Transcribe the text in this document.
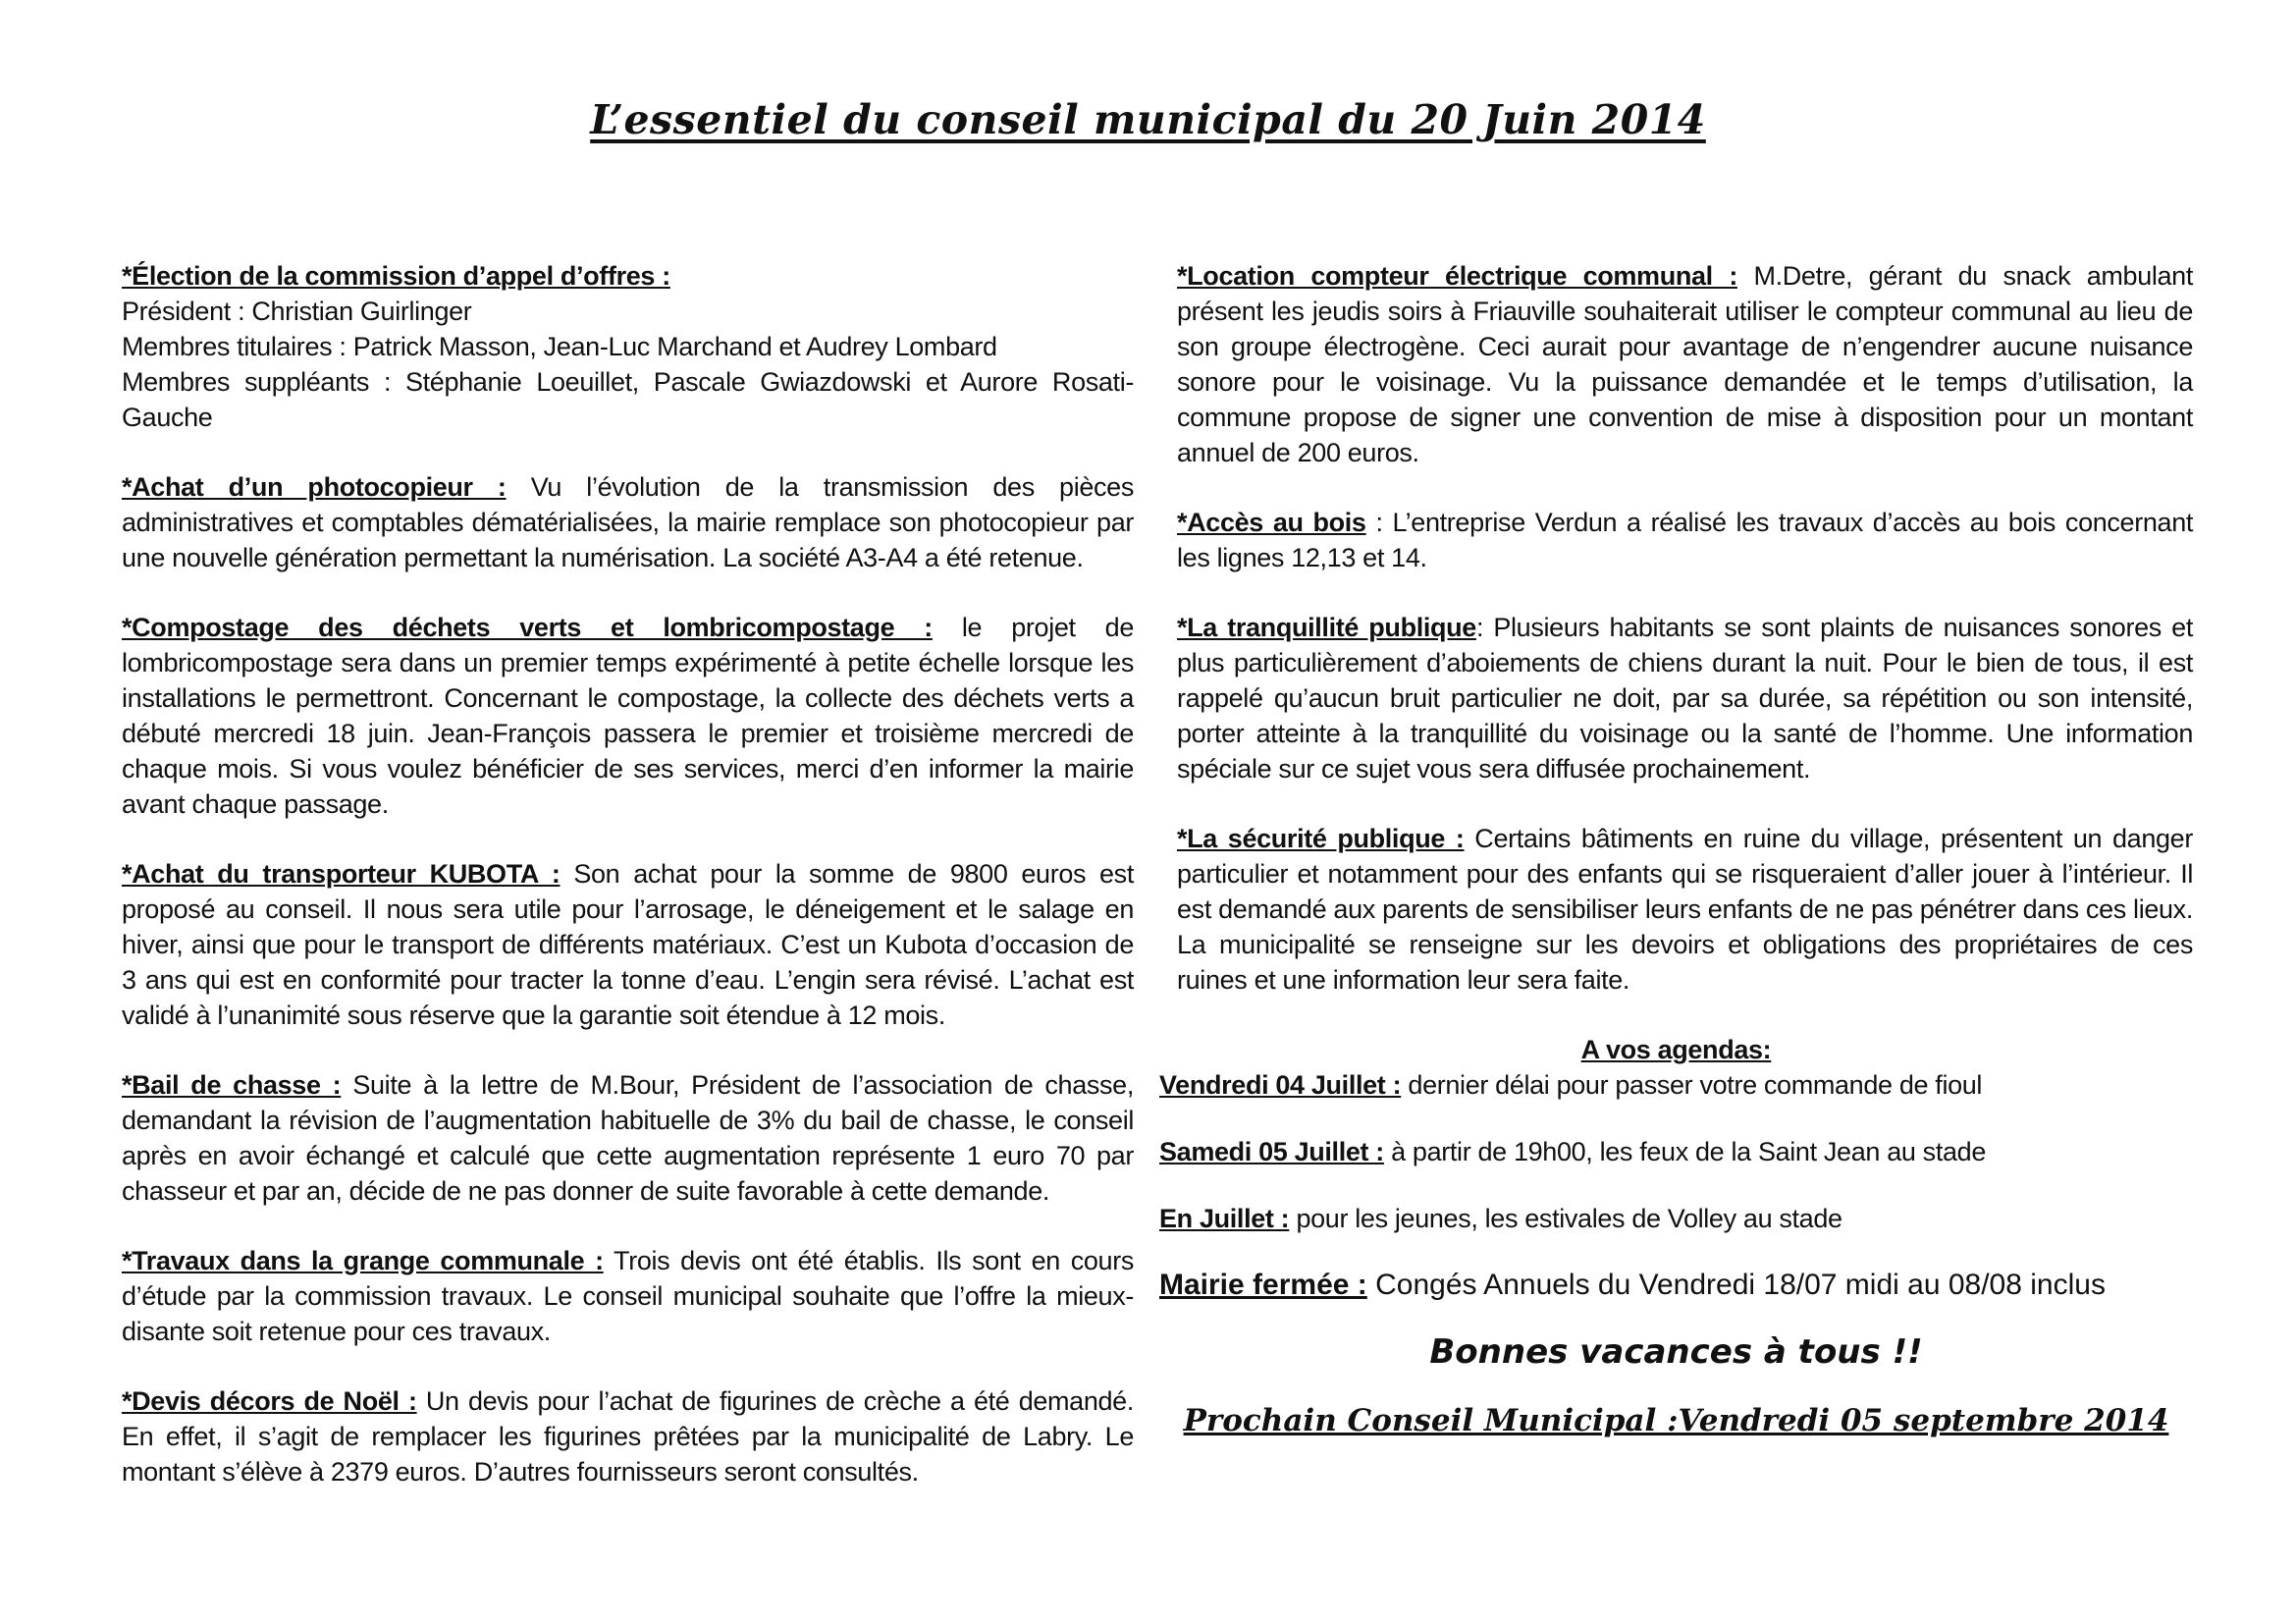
L’essentiel du conseil municipal du 20 Juin 2014

*Élection de la commission d’appel d’offres :

Président : Christian Guirlinger

Membres titulaires : Patrick Masson, Jean-Luc Marchand et Audrey Lombard

Membres suppléants : Stéphanie Loeuillet, Pascale Gwiazdowski et Aurore Rosati-Gauche

*Achat d’un photocopieur : Vu l’évolution de la transmission des pièces administratives et comptables dématérialisées, la mairie remplace son photocopieur par une nouvelle génération permettant la numérisation. La société A3-A4 a été retenue.

*Compostage des déchets verts et lombricompostage : le projet de lombricompostage sera dans un premier temps expérimenté à petite échelle lorsque les installations le permettront. Concernant le compostage, la collecte des déchets verts a débuté mercredi 18 juin. Jean-François passera le premier et troisième mercredi de chaque mois. Si vous voulez bénéficier de ses services, merci d’en informer la mairie avant chaque passage.

*Achat du transporteur KUBOTA : Son achat pour la somme de 9800 euros est proposé au conseil. Il nous sera utile pour l’arrosage, le déneigement et le salage en hiver, ainsi que pour le transport de différents matériaux. C’est un Kubota d’occasion de 3 ans qui est en conformité pour tracter la tonne d’eau. L’engin sera révisé. L’achat est validé à l’unanimité sous réserve que la garantie soit étendue à 12 mois.

*Bail de chasse : Suite à la lettre de M.Bour, Président de l’association de chasse, demandant la révision de l’augmentation habituelle de 3% du bail de chasse, le conseil après en avoir échangé et calculé que cette augmentation représente 1 euro 70 par chasseur et par an, décide de ne pas donner de suite favorable à cette demande.

*Travaux dans la grange communale : Trois devis ont été établis. Ils sont en cours d’étude par la commission travaux. Le conseil municipal souhaite que l’offre la mieux-disante soit retenue pour ces travaux.

*Devis décors de Noël : Un devis pour l’achat de figurines de crèche a été demandé. En effet, il s’agit de remplacer les figurines prêtées par la municipalité de Labry. Le montant s’élève à 2379 euros. D’autres fournisseurs seront consultés.

*Location compteur électrique communal : M.Detre, gérant du snack ambulant présent les jeudis soirs à Friauville souhaiterait utiliser le compteur communal au lieu de son groupe électrogène. Ceci aurait pour avantage de n’engendrer aucune nuisance sonore pour le voisinage. Vu la puissance demandée et le temps d’utilisation, la commune propose de signer une convention de mise à disposition pour un montant annuel de 200 euros.

*Accès au bois : L’entreprise Verdun a réalisé les travaux d’accès au bois concernant les lignes 12,13 et 14.

*La tranquillité publique: Plusieurs habitants se sont plaints de nuisances sonores et plus particulièrement d’aboiements de chiens durant la nuit. Pour le bien de tous, il est rappelé qu’aucun bruit particulier ne doit, par sa durée, sa répétition ou son intensité, porter atteinte à la tranquillité du voisinage ou la santé de l’homme. Une information spéciale sur ce sujet vous sera diffusée prochainement.

*La sécurité publique : Certains bâtiments en ruine du village, présentent un danger particulier et notamment pour des enfants qui se risqueraient d’aller jouer à l’intérieur. Il est demandé aux parents de sensibiliser leurs enfants de ne pas pénétrer dans ces lieux. La municipalité se renseigne sur les devoirs et obligations des propriétaires de ces ruines et une information leur sera faite.

A vos agendas:

Vendredi 04 Juillet : dernier délai pour passer votre commande de fioul

Samedi 05 Juillet : à partir de 19h00, les feux de la Saint Jean au stade

En Juillet : pour les jeunes, les estivales de Volley au stade

Mairie fermée : Congés Annuels du Vendredi 18/07 midi au 08/08 inclus

Bonnes vacances à tous !!

Prochain Conseil Municipal :Vendredi 05 septembre 2014
